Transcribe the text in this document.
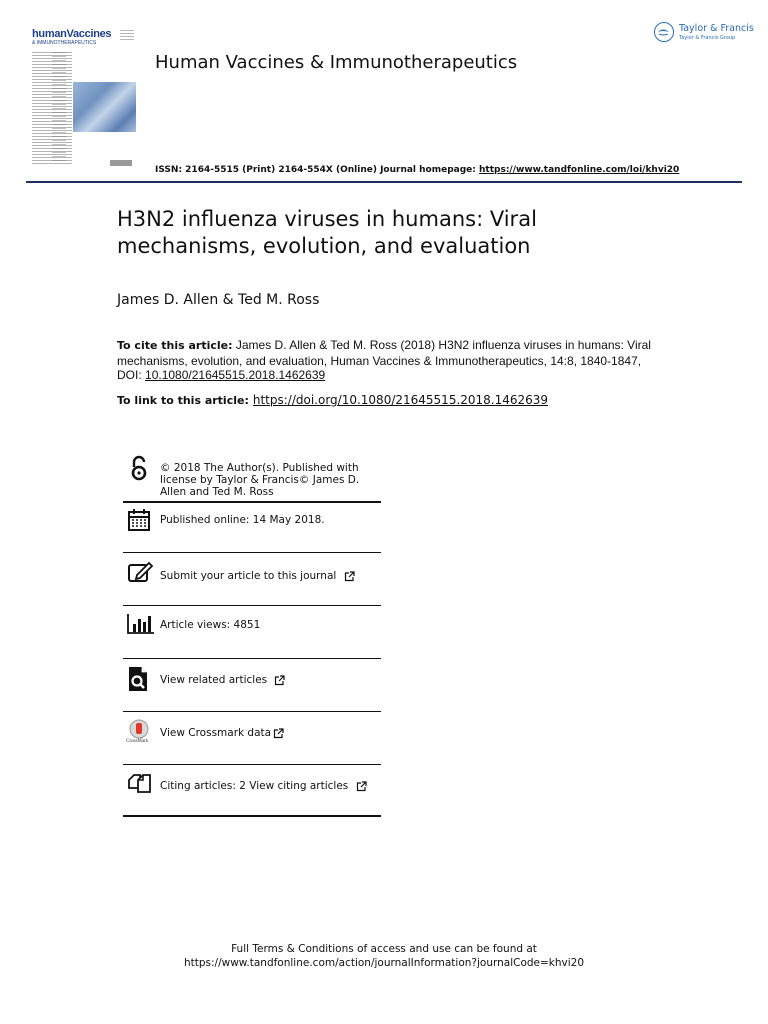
humanVaccines
& IMMUNOTHERAPEUTICS
Human Vaccines & Immunotherapeutics
Taylor & Francis
Taylor & Francis Group
ISSN: 2164-5515 (Print) 2164-554X (Online) Journal homepage: https://www.tandfonline.com/loi/khvi20
H3N2 influenza viruses in humans: Viral mechanisms, evolution, and evaluation
James D. Allen & Ted M. Ross
To cite this article: James D. Allen & Ted M. Ross (2018) H3N2 influenza viruses in humans: Viral mechanisms, evolution, and evaluation, Human Vaccines & Immunotherapeutics, 14:8, 1840-1847, DOI: 10.1080/21645515.2018.1462639
To link to this article: https://doi.org/10.1080/21645515.2018.1462639
© 2018 The Author(s). Published with license by Taylor & Francis© James D. Allen and Ted M. Ross
Published online: 14 May 2018.
Submit your article to this journal
Article views: 4851
View related articles
CrossMark
View Crossmark data
Citing articles: 2 View citing articles
Full Terms & Conditions of access and use can be found at
https://www.tandfonline.com/action/journalInformation?journalCode=khvi20
